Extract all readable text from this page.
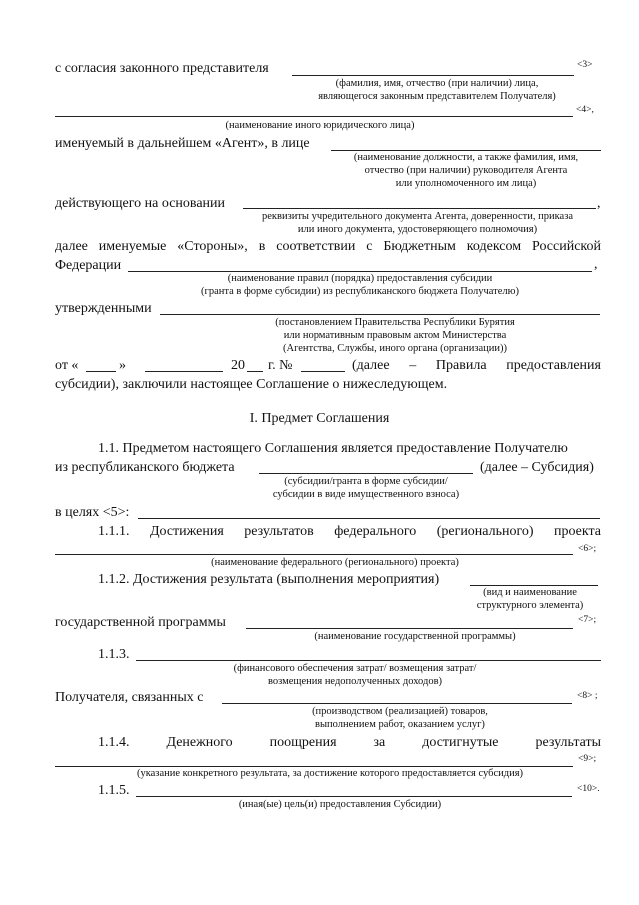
с согласия законного представителя	<3>
(фамилия, имя, отчество (при наличии) лица,
являющегося законным представителем Получателя)
<4>,
(наименование иного юридического лица)
именуемый в дальнейшем «Агент», в лице
(наименование должности, а также фамилия, имя,
отчество (при наличии) руководителя Агента
или уполномоченного им лица)
действующего на основании	,
реквизиты учредительного документа Агента, доверенности, приказа
или иного документа, удостоверяющего полномочия)
далее именуемые «Стороны», в соответствии с Бюджетным кодексом Российской
Федерации	,
(наименование правил (порядка) предоставления субсидии
(гранта в форме субсидии) из республиканского бюджета Получателю)
утвержденными
(постановлением Правительства Республики Бурятия
или нормативным правовым актом Министерства
(Агентства, Службы, иного органа (организации))
от «	»	20 г. №	(далее – Правила предоставления
субсидии), заключили настоящее Соглашение о нижеследующем.
I. Предмет Соглашения
1.1. Предметом настоящего Соглашения является предоставление Получателю
из республиканского бюджета	(далее – Субсидия)
(субсидии/гранта в форме субсидии/
субсидии в виде имущественного взноса)
в целях <5>:
1.1.1. Достижения результатов федерального (регионального) проекта
<6>;
(наименование федерального (регионального) проекта)
1.1.2. Достижения результата (выполнения мероприятия)
(вид и наименование
структурного элемента)
государственной программы	<7>;
(наименование государственной программы)
1.1.3.
(финансового обеспечения затрат/ возмещения затрат/
возмещения недополученных доходов)
Получателя, связанных с	<8> ;
(производством (реализацией) товаров,
выполнением работ, оказанием услуг)
1.1.4. Денежного поощрения за достигнутые результаты
<9>;
(указание конкретного результата, за достижение которого предоставляется субсидия)
1.1.5.	<10>.
(иная(ые) цель(и) предоставления Субсидии)
